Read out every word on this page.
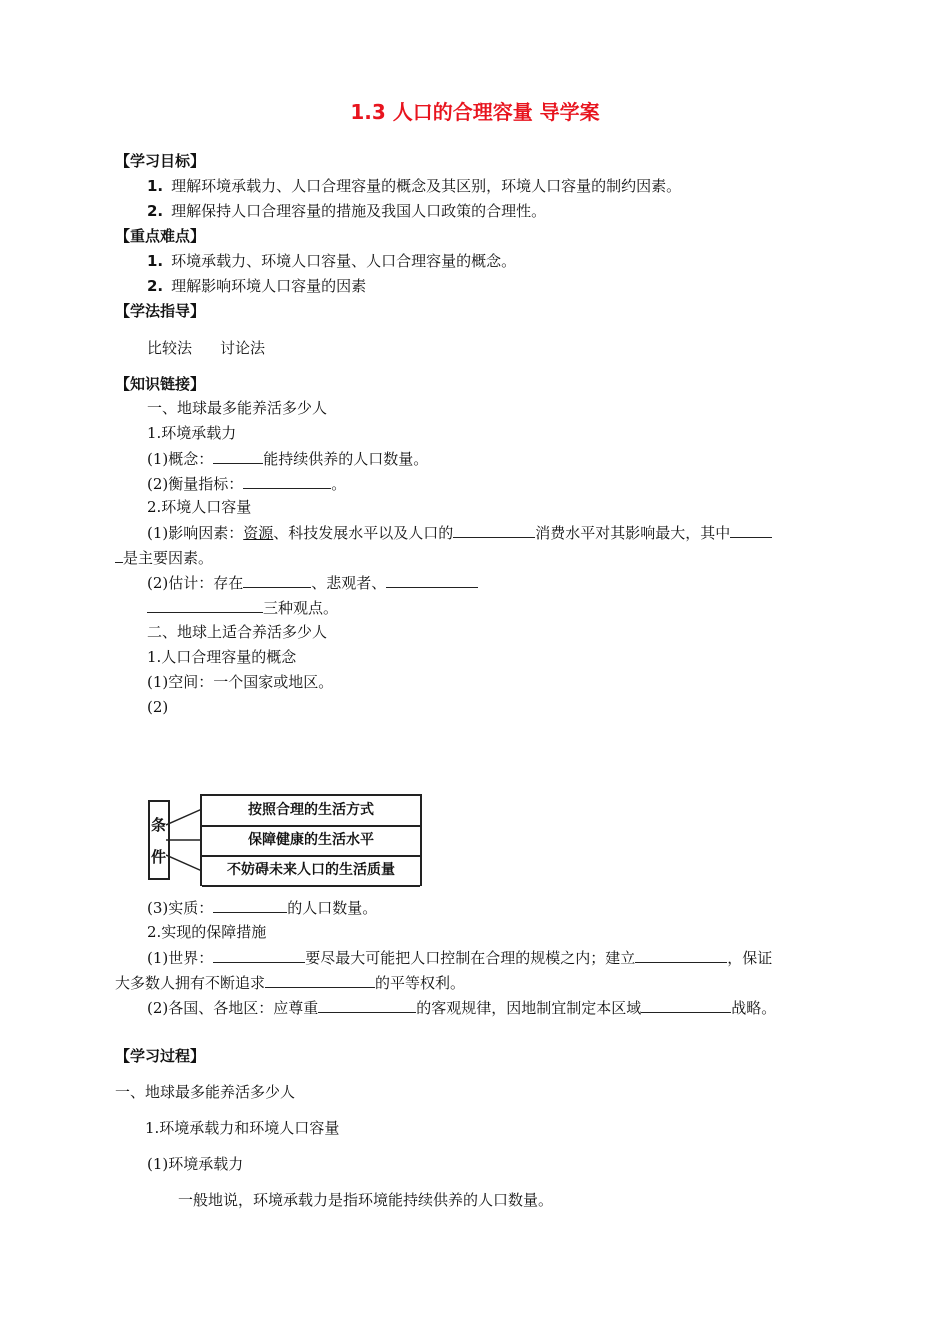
1.3 人口的合理容量 导学案
【学习目标】
1. 理解环境承载力、人口合理容量的概念及其区别，环境人口容量的制约因素。
2. 理解保持人口合理容量的措施及我国人口政策的合理性。
【重点难点】
1. 环境承载力、环境人口容量、人口合理容量的概念。
2. 理解影响环境人口容量的因素
【学法指导】
比较法 讨论法
【知识链接】
一、地球最多能养活多少人
1.环境承载力
(1)概念：	能持续供养的人口数量。
(2)衡量指标：	。
2.环境人口容量
(1)影响因素：资源、科技发展水平以及人口的	消费水平对其影响最大，其中
是主要因素。
(2)估计：存在	、悲观者、
三种观点。
二、地球上适合养活多少人
1.人口合理容量的概念
(1)空间：一个国家或地区。
(2)
条
件
按照合理的生活方式
保障健康的生活水平
不妨碍未来人口的生活质量
(3)实质：	的人口数量。
2.实现的保障措施
(1)世界：	要尽最大可能把人口控制在合理的规模之内；建立	，保证
大多数人拥有不断追求	的平等权利。
(2)各国、各地区：应尊重	的客观规律，因地制宜制定本区域	战略。
【学习过程】
一、地球最多能养活多少人
1.环境承载力和环境人口容量
(1)环境承载力
一般地说，环境承载力是指环境能持续供养的人口数量。
